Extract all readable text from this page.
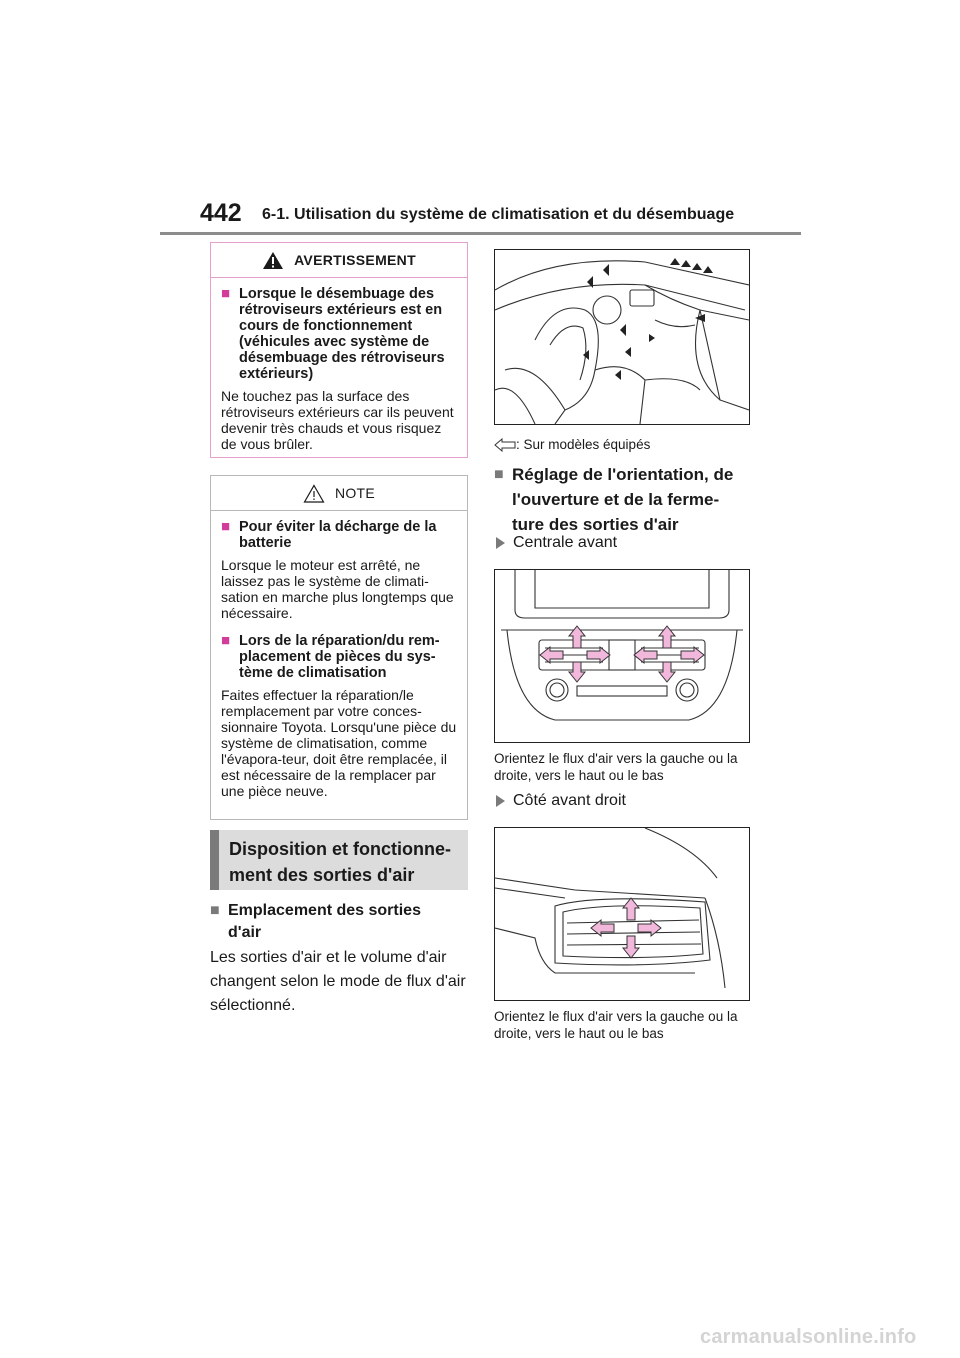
442 6-1. Utilisation du système de climatisation et du désembuage
AVERTISSEMENT
■ Lorsque le désembuage des rétroviseurs extérieurs est en cours de fonctionnement (véhicules avec système de désembuage des rétroviseurs extérieurs)
Ne touchez pas la surface des rétroviseurs extérieurs car ils peuvent devenir très chauds et vous risquez de vous brûler.
NOTE
■ Pour éviter la décharge de la batterie
Lorsque le moteur est arrêté, ne laissez pas le système de climati-sation en marche plus longtemps que nécessaire.
■ Lors de la réparation/du rem-placement de pièces du sys-tème de climatisation
Faites effectuer la réparation/le remplacement par votre conces-sionnaire Toyota. Lorsqu'une pièce du système de climatisation, comme l'évapora-teur, doit être remplacée, il est nécessaire de la remplacer par une pièce neuve.
Disposition et fonctionne-
ment des sorties d'air
■ Emplacement des sorties
d'air
Les sorties d'air et le volume d'air changent selon le mode de flux d'air sélectionné.
: Sur modèles équipés
■ Réglage de l'orientation, de
l'ouverture et de la ferme-
ture des sorties d'air
Centrale avant
Orientez le flux d'air vers la gauche ou la droite, vers le haut ou le bas
Côté avant droit
Orientez le flux d'air vers la gauche ou la droite, vers le haut ou le bas
carmanualsonline.info
